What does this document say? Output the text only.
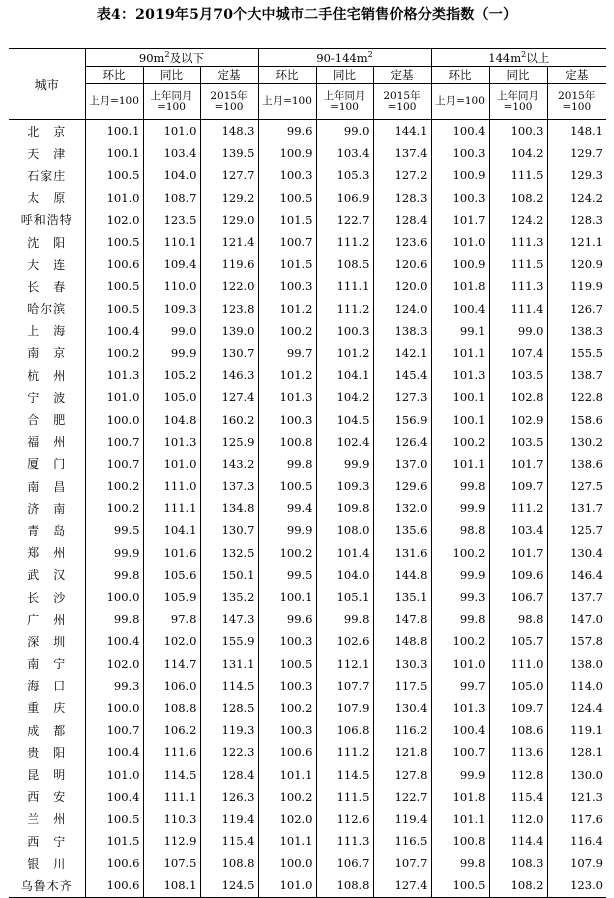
表4：2019年5月70个大中城市二手住宅销售价格分类指数（一）
城市	$90m^2$及以下			$90-144m^2$			$144m^2$以上		
	环比	同比	定基	环比	同比	定基	环比	同比	定基
	上月=100	上年同月=100	2015年=100	上月=100	上年同月=100	2015年=100	上月=100	上年同月=100	2015年=100
北　京	100.1	101.0	148.3	99.6	99.0	144.1	100.4	100.3	148.1
天　津	100.1	103.4	139.5	100.9	103.4	137.4	100.3	104.2	129.7
石家庄	100.5	104.0	127.7	100.3	105.3	127.2	100.9	111.5	129.3
太　原	101.0	108.7	129.2	100.5	106.9	128.3	100.3	108.2	124.2
呼和浩特	102.0	123.5	129.0	101.5	122.7	128.4	101.7	124.2	128.3
沈　阳	100.5	110.1	121.4	100.7	111.2	123.6	101.0	111.3	121.1
大　连	100.6	109.4	119.6	101.5	108.5	120.6	100.9	111.5	120.9
长　春	100.5	110.0	122.0	100.3	111.1	120.0	101.8	111.3	119.9
哈尔滨	100.5	109.3	123.8	101.2	111.2	124.0	100.4	111.4	126.7
上　海	100.4	99.0	139.0	100.2	100.3	138.3	99.1	99.0	138.3
南　京	100.2	99.9	130.7	99.7	101.2	142.1	101.1	107.4	155.5
杭　州	101.3	105.2	146.3	101.2	104.1	145.4	101.3	103.5	138.7
宁　波	101.0	105.0	127.4	101.3	104.2	127.3	100.1	102.8	122.8
合　肥	100.0	104.8	160.2	100.3	104.5	156.9	100.1	102.9	158.6
福　州	100.7	101.3	125.9	100.8	102.4	126.4	100.2	103.5	130.2
厦　门	100.7	101.0	143.2	99.8	99.9	137.0	101.1	101.7	138.6
南　昌	100.2	111.0	137.3	100.5	109.3	129.6	99.8	109.7	127.5
济　南	100.2	111.1	134.8	99.4	109.8	132.0	99.9	111.2	131.7
青　岛	99.5	104.1	130.7	99.9	108.0	135.6	98.8	103.4	125.7
郑　州	99.9	101.6	132.5	100.2	101.4	131.6	100.2	101.7	130.4
武　汉	99.8	105.6	150.1	99.5	104.0	144.8	99.9	109.6	146.4
长　沙	100.0	105.9	135.2	100.1	105.1	135.1	99.3	106.7	137.7
广　州	99.8	97.8	147.3	99.6	99.8	147.8	99.8	98.8	147.0
深　圳	100.4	102.0	155.9	100.3	102.6	148.8	100.2	105.7	157.8
南　宁	102.0	114.7	131.1	100.5	112.1	130.3	101.0	111.0	138.0
海　口	99.3	106.0	114.5	100.3	107.7	117.5	99.7	105.0	114.0
重　庆	100.0	108.8	128.5	100.2	107.9	130.4	101.3	109.7	124.4
成　都	100.7	106.2	119.3	100.3	106.8	116.2	100.4	108.6	119.1
贵　阳	100.4	111.6	122.3	100.6	111.2	121.8	100.7	113.6	128.1
昆　明	101.0	114.5	128.4	101.1	114.5	127.8	99.9	112.8	130.0
西　安	100.4	111.1	126.3	100.2	111.5	122.7	101.8	115.4	121.3
兰　州	100.5	110.3	119.4	102.0	112.6	119.4	101.1	112.0	117.6
西　宁	101.5	112.9	115.4	101.1	111.3	116.5	100.8	114.4	116.4
银　川	100.6	107.5	108.8	100.0	106.7	107.7	99.8	108.3	107.9
乌鲁木齐	100.6	108.1	124.5	101.0	108.8	127.4	100.5	108.2	123.0
